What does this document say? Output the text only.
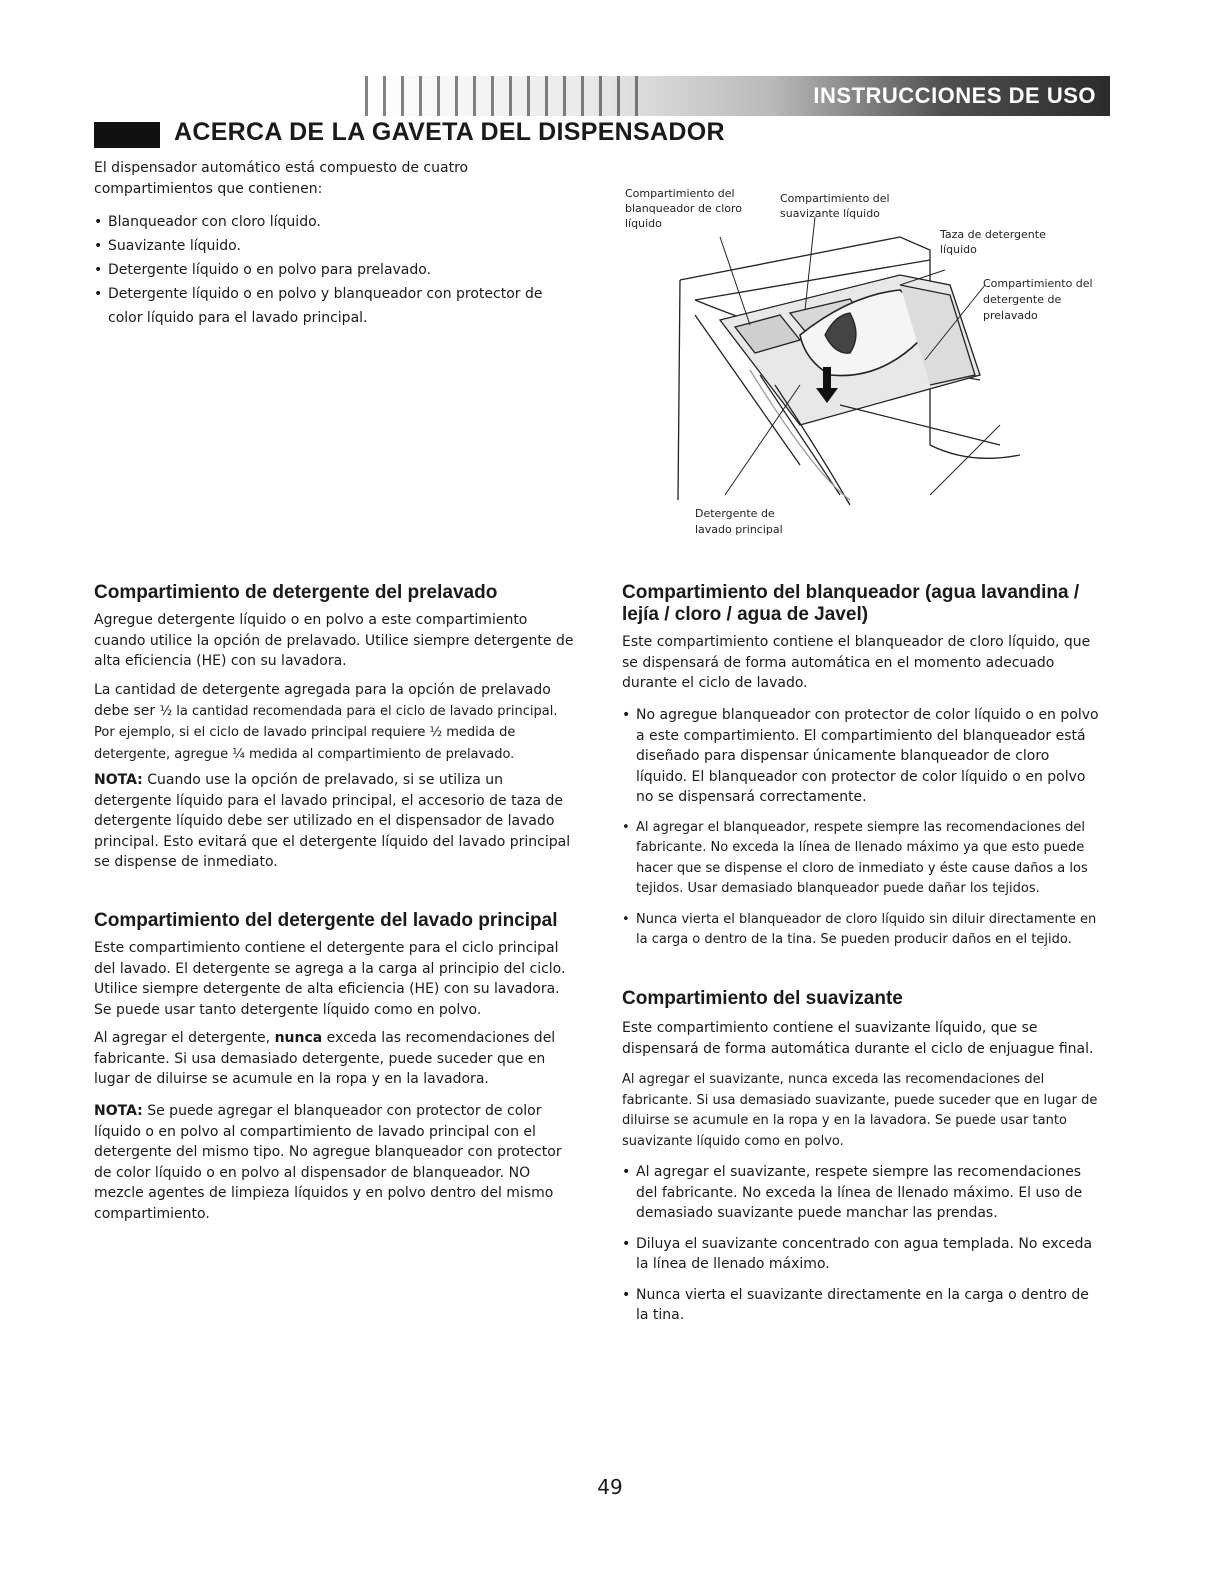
INSTRUCCIONES DE USO
ACERCA DE LA GAVETA DEL DISPENSADOR

El dispensador automático está compuesto de cuatro compartimientos que contienen:

• Blanqueador con cloro líquido.
• Suavizante líquido.
• Detergente líquido o en polvo para prelavado.
• Detergente líquido o en polvo y blanqueador con protector de color líquido para el lavado principal.
Compartimiento del
blanqueador de cloro
líquido
Compartimiento del
suavizante líquido
Taza de detergente
líquido
Compartimiento del
detergente de
prelavado
Detergente de
lavado principal
Compartimiento de detergente del prelavado

Agregue detergente líquido o en polvo a este compartimiento cuando utilice la opción de prelavado. Utilice siempre detergente de alta eficiencia (HE) con su lavadora.

La cantidad de detergente agregada para la opción de prelavado debe ser ½ la cantidad recomendada para el ciclo de lavado principal. Por ejemplo, si el ciclo de lavado principal requiere ½ medida de detergente, agregue ¼ medida al compartimiento de prelavado.

NOTA: Cuando use la opción de prelavado, si se utiliza un detergente líquido para el lavado principal, el accesorio de taza de detergente líquido debe ser utilizado en el dispensador de lavado principal. Esto evitará que el detergente líquido del lavado principal se dispense de inmediato.

Compartimiento del detergente del lavado principal

Este compartimiento contiene el detergente para el ciclo principal del lavado. El detergente se agrega a la carga al principio del ciclo. Utilice siempre detergente de alta eficiencia (HE) con su lavadora. Se puede usar tanto detergente líquido como en polvo.

Al agregar el detergente, nunca exceda las recomendaciones del fabricante. Si usa demasiado detergente, puede suceder que en lugar de diluirse se acumule en la ropa y en la lavadora.

NOTA: Se puede agregar el blanqueador con protector de color líquido o en polvo al compartimiento de lavado principal con el detergente del mismo tipo. No agregue blanqueador con protector de color líquido o en polvo al dispensador de blanqueador. NO mezcle agentes de limpieza líquidos y en polvo dentro del mismo compartimiento.

Compartimiento del blanqueador (agua lavandina /
lejía / cloro / agua de Javel)

Este compartimiento contiene el blanqueador de cloro líquido, que se dispensará de forma automática en el momento adecuado durante el ciclo de lavado.

• No agregue blanqueador con protector de color líquido o en polvo a este compartimiento. El compartimiento del blanqueador está diseñado para dispensar únicamente blanqueador de cloro líquido. El blanqueador con protector de color líquido o en polvo no se dispensará correctamente.
• Al agregar el blanqueador, respete siempre las recomendaciones del fabricante. No exceda la línea de llenado máximo ya que esto puede hacer que se dispense el cloro de inmediato y éste cause daños a los tejidos. Usar demasiado blanqueador puede dañar los tejidos.
• Nunca vierta el blanqueador de cloro líquido sin diluir directamente en la carga o dentro de la tina. Se pueden producir daños en el tejido.
Compartimiento del suavizante

Este compartimiento contiene el suavizante líquido, que se dispensará de forma automática durante el ciclo de enjuague final.

Al agregar el suavizante, nunca exceda las recomendaciones del fabricante. Si usa demasiado suavizante, puede suceder que en lugar de diluirse se acumule en la ropa y en la lavadora. Se puede usar tanto suavizante líquido como en polvo.

• Al agregar el suavizante, respete siempre las recomendaciones del fabricante. No exceda la línea de llenado máximo. El uso de demasiado suavizante puede manchar las prendas.
• Diluya el suavizante concentrado con agua templada. No exceda la línea de llenado máximo.
• Nunca vierta el suavizante directamente en la carga o dentro de la tina.
49
